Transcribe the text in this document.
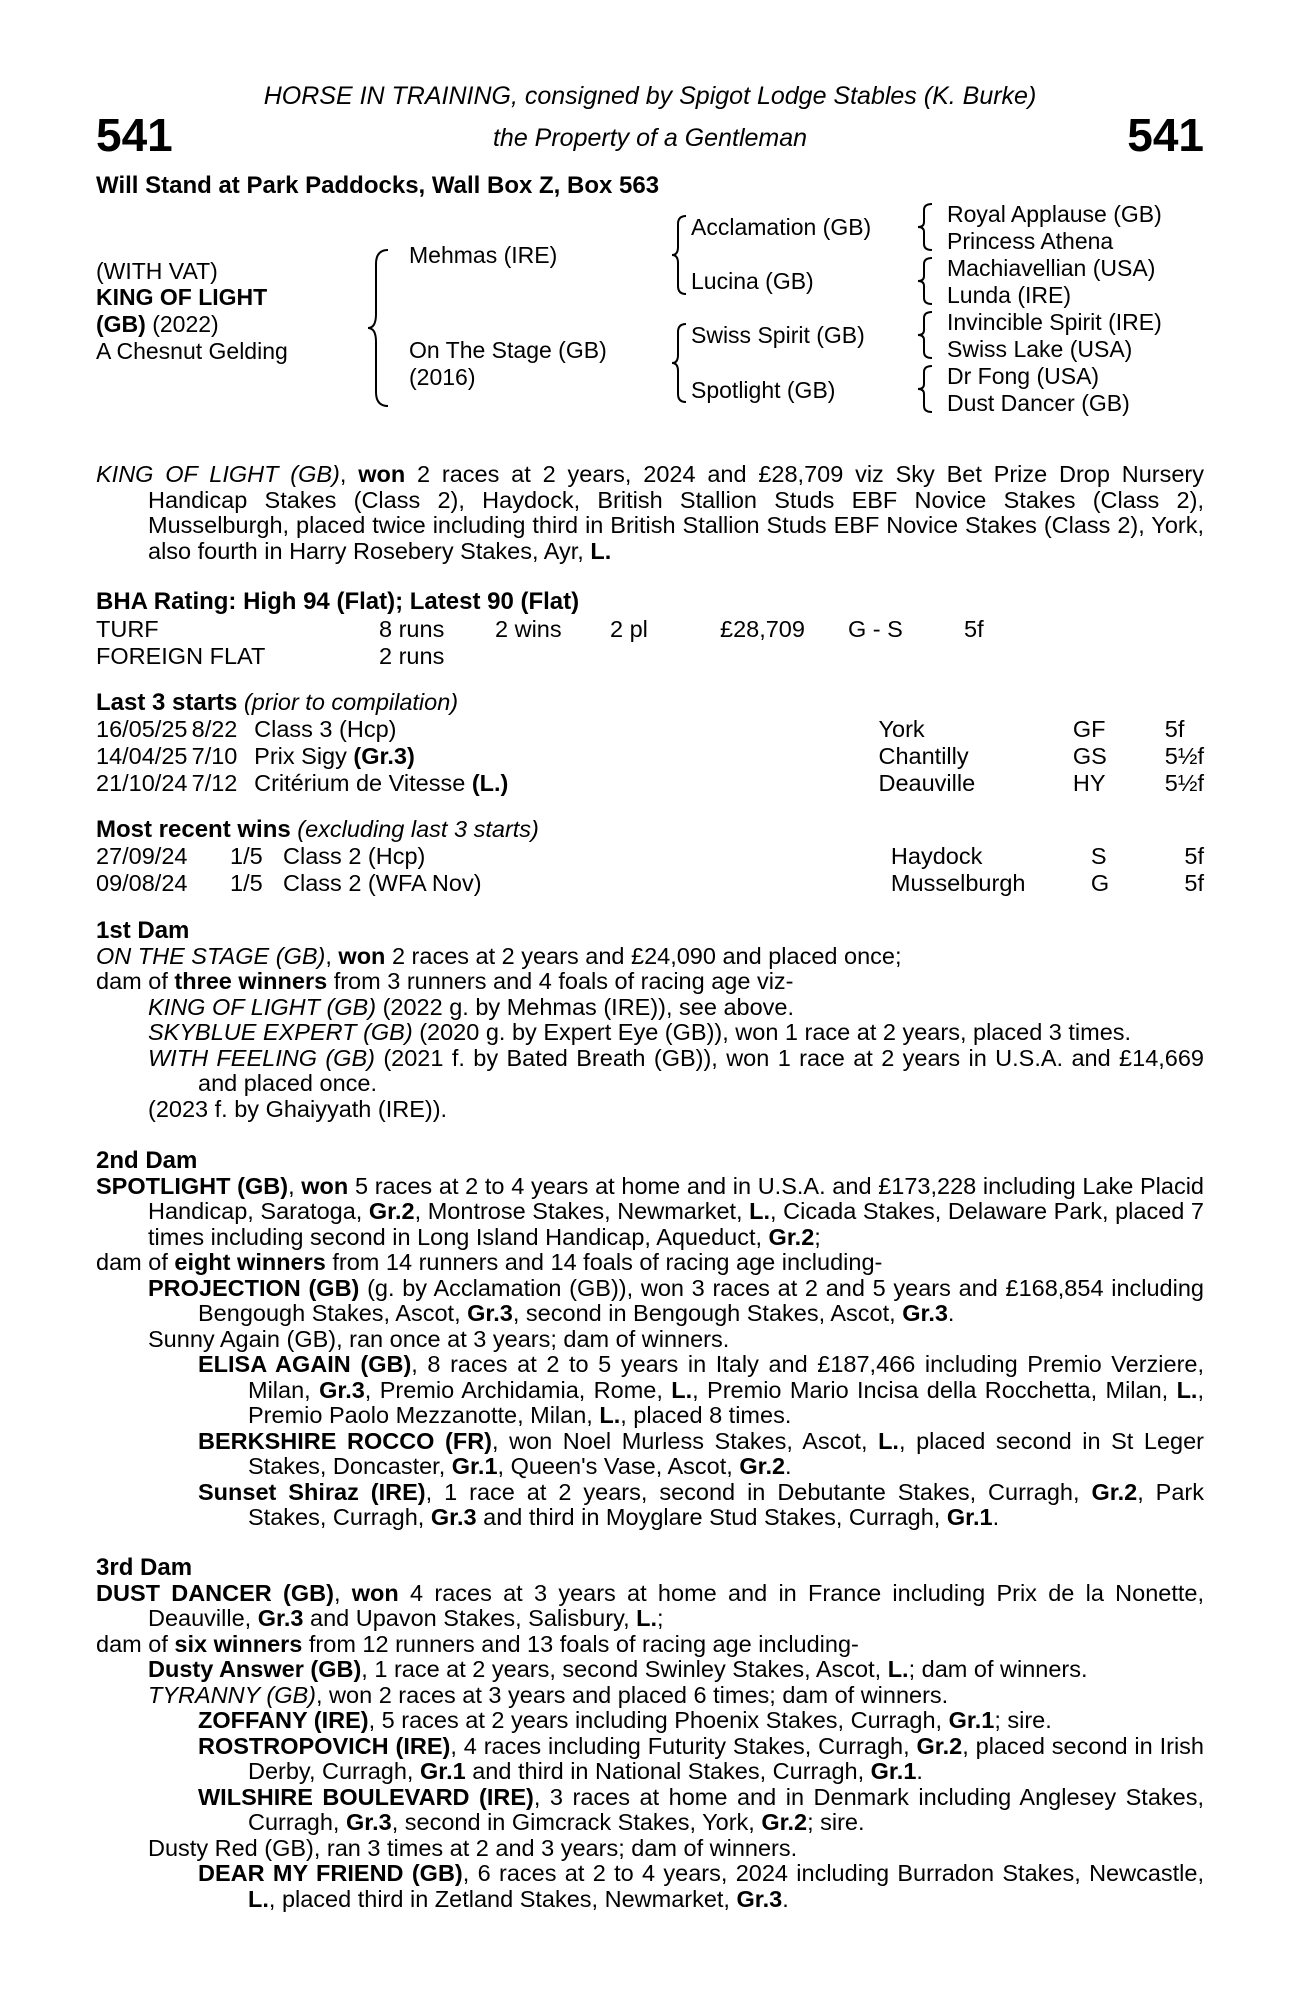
541	541
HORSE IN TRAINING, consigned by Spigot Lodge Stables (K. Burke)
the Property of a Gentleman
Will Stand at Park Paddocks, Wall Box Z, Box 563
(WITH VAT)
KING OF LIGHT
(GB) (2022)
A Chesnut Gelding
Mehmas (IRE)
On The Stage (GB)
(2016)
Acclamation (GB)
Lucina (GB)
Swiss Spirit (GB)
Spotlight (GB)
Royal Applause (GB)
Princess Athena
Machiavellian (USA)
Lunda (IRE)
Invincible Spirit (IRE)
Swiss Lake (USA)
Dr Fong (USA)
Dust Dancer (GB)

KING OF LIGHT (GB), won 2 races at 2 years, 2024 and £28,709 viz Sky Bet Prize Drop Nursery Handicap Stakes (Class 2), Haydock, British Stallion Studs EBF Novice Stakes (Class 2), Musselburgh, placed twice including third in British Stallion Studs EBF Novice Stakes (Class 2), York, also fourth in Harry Rosebery Stakes, Ayr, L.

BHA Rating: High 94 (Flat); Latest 90 (Flat)
TURF	8 runs	2 wins	2 pl	£28,709	G - S	5f
FOREIGN FLAT	2 runs					
Last 3 starts (prior to compilation)
16/05/25	8/22	Class 3 (Hcp)	York	GF	5f
14/04/25	7/10	Prix Sigy (Gr.3)	Chantilly	GS	5½f
21/10/24	7/12	Critérium de Vitesse (L.)	Deauville	HY	5½f
Most recent wins (excluding last 3 starts)
27/09/24	1/5	Class 2 (Hcp)	Haydock	S	5f
09/08/24	1/5	Class 2 (WFA Nov)	Musselburgh	G	5f
1st Dam

ON THE STAGE (GB), won 2 races at 2 years and £24,090 and placed once;

dam of three winners from 3 runners and 4 foals of racing age viz-

KING OF LIGHT (GB) (2022 g. by Mehmas (IRE)), see above.

SKYBLUE EXPERT (GB) (2020 g. by Expert Eye (GB)), won 1 race at 2 years, placed 3 times.

WITH FEELING (GB) (2021 f. by Bated Breath (GB)), won 1 race at 2 years in U.S.A. and £14,669 and placed once.

(2023 f. by Ghaiyyath (IRE)).

2nd Dam

SPOTLIGHT (GB), won 5 races at 2 to 4 years at home and in U.S.A. and £173,228 including Lake Placid Handicap, Saratoga, Gr.2, Montrose Stakes, Newmarket, L., Cicada Stakes, Delaware Park, placed 7 times including second in Long Island Handicap, Aqueduct, Gr.2;

dam of eight winners from 14 runners and 14 foals of racing age including-

PROJECTION (GB) (g. by Acclamation (GB)), won 3 races at 2 and 5 years and £168,854 including Bengough Stakes, Ascot, Gr.3, second in Bengough Stakes, Ascot, Gr.3.

Sunny Again (GB), ran once at 3 years; dam of winners.

ELISA AGAIN (GB), 8 races at 2 to 5 years in Italy and £187,466 including Premio Verziere, Milan, Gr.3, Premio Archidamia, Rome, L., Premio Mario Incisa della Rocchetta, Milan, L., Premio Paolo Mezzanotte, Milan, L., placed 8 times.

BERKSHIRE ROCCO (FR), won Noel Murless Stakes, Ascot, L., placed second in St Leger Stakes, Doncaster, Gr.1, Queen's Vase, Ascot, Gr.2.

Sunset Shiraz (IRE), 1 race at 2 years, second in Debutante Stakes, Curragh, Gr.2, Park Stakes, Curragh, Gr.3 and third in Moyglare Stud Stakes, Curragh, Gr.1.

3rd Dam

DUST DANCER (GB), won 4 races at 3 years at home and in France including Prix de la Nonette, Deauville, Gr.3 and Upavon Stakes, Salisbury, L.;

dam of six winners from 12 runners and 13 foals of racing age including-

Dusty Answer (GB), 1 race at 2 years, second Swinley Stakes, Ascot, L.; dam of winners.

TYRANNY (GB), won 2 races at 3 years and placed 6 times; dam of winners.

ZOFFANY (IRE), 5 races at 2 years including Phoenix Stakes, Curragh, Gr.1; sire.

ROSTROPOVICH (IRE), 4 races including Futurity Stakes, Curragh, Gr.2, placed second in Irish Derby, Curragh, Gr.1 and third in National Stakes, Curragh, Gr.1.

WILSHIRE BOULEVARD (IRE), 3 races at home and in Denmark including Anglesey Stakes, Curragh, Gr.3, second in Gimcrack Stakes, York, Gr.2; sire.

Dusty Red (GB), ran 3 times at 2 and 3 years; dam of winners.

DEAR MY FRIEND (GB), 6 races at 2 to 4 years, 2024 including Burradon Stakes, Newcastle, L., placed third in Zetland Stakes, Newmarket, Gr.3.
